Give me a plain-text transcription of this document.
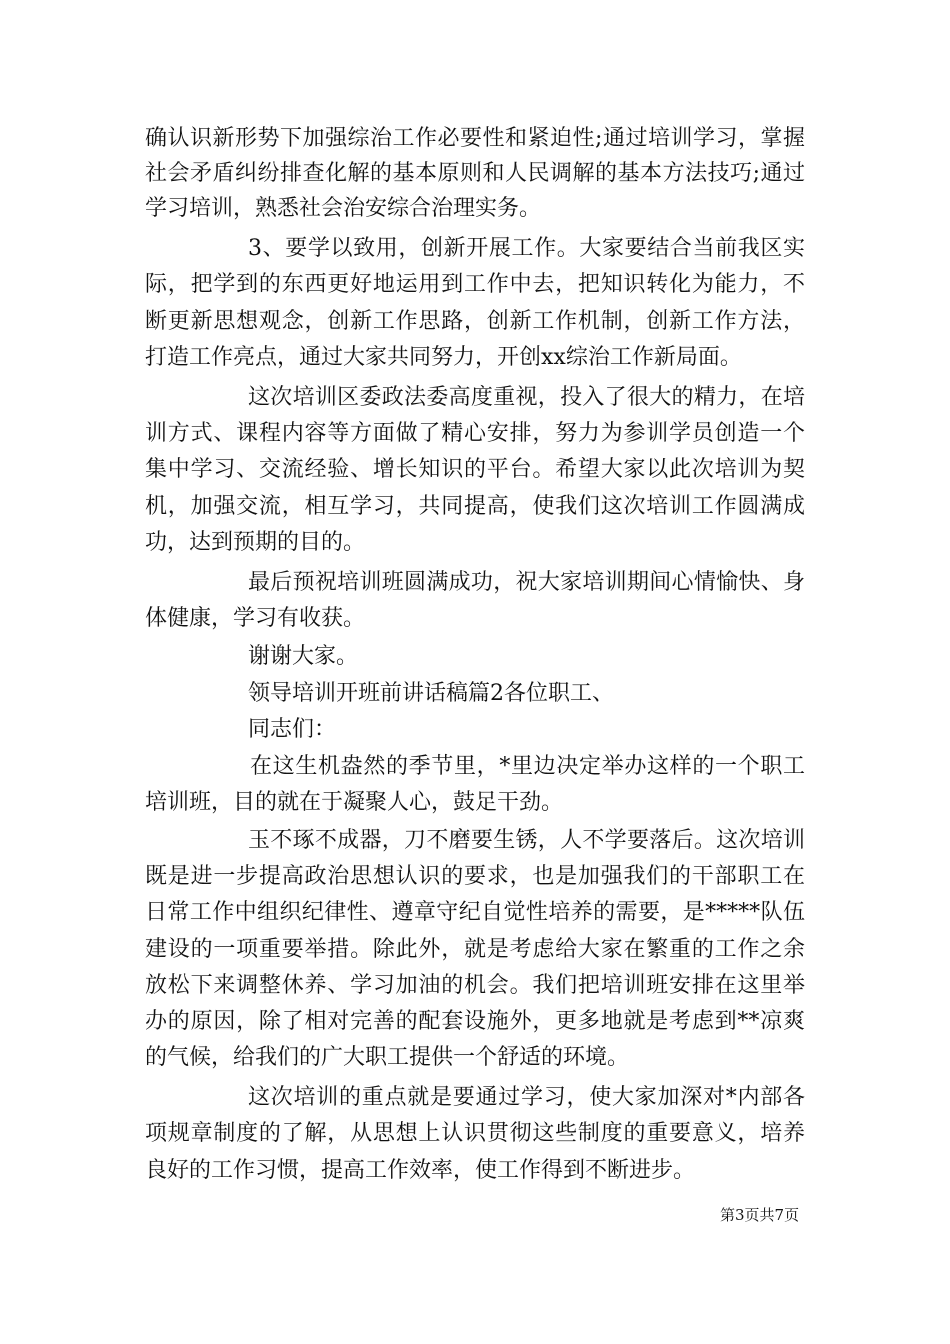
确认识新形势下加强综治工作必要性和紧迫性;通过培训学习，掌握
社会矛盾纠纷排查化解的基本原则和人民调解的基本方法技巧;通过
学习培训，熟悉社会治安综合治理实务。
3、要学以致用，创新开展工作。大家要结合当前我区实
际，把学到的东西更好地运用到工作中去，把知识转化为能力，不
断更新思想观念，创新工作思路，创新工作机制，创新工作方法，
打造工作亮点，通过大家共同努力，开创xx综治工作新局面。
这次培训区委政法委高度重视，投入了很大的精力，在培
训方式、课程内容等方面做了精心安排，努力为参训学员创造一个
集中学习、交流经验、增长知识的平台。希望大家以此次培训为契
机，加强交流，相互学习，共同提高，使我们这次培训工作圆满成
功，达到预期的目的。
最后预祝培训班圆满成功，祝大家培训期间心情愉快、身
体健康，学习有收获。
谢谢大家。
领导培训开班前讲话稿篇2各位职工、
同志们：
在这生机盎然的季节里，*里边决定举办这样的一个职工
培训班，目的就在于凝聚人心，鼓足干劲。
玉不琢不成器，刀不磨要生锈，人不学要落后。这次培训
既是进一步提高政治思想认识的要求，也是加强我们的干部职工在
日常工作中组织纪律性、遵章守纪自觉性培养的需要，是*****队伍
建设的一项重要举措。除此外，就是考虑给大家在繁重的工作之余
放松下来调整休养、学习加油的机会。我们把培训班安排在这里举
办的原因，除了相对完善的配套设施外，更多地就是考虑到**凉爽
的气候，给我们的广大职工提供一个舒适的环境。
这次培训的重点就是要通过学习，使大家加深对*内部各
项规章制度的了解，从思想上认识贯彻这些制度的重要意义，培养
良好的工作习惯，提高工作效率，使工作得到不断进步。
第3页共7页
